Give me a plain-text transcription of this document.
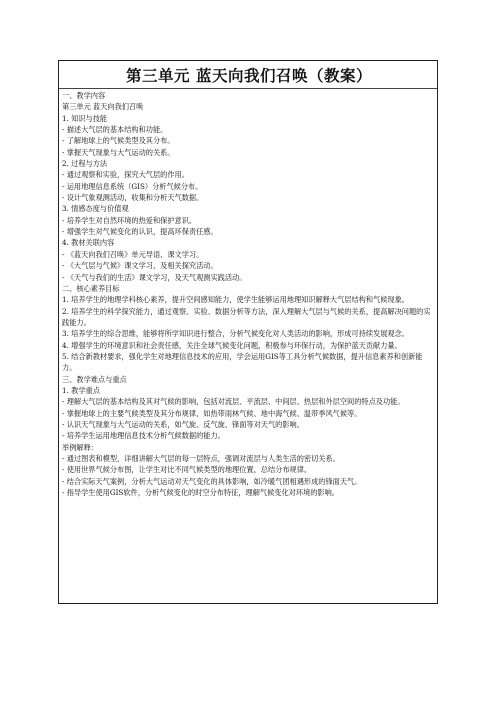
第三单元 蓝天向我们召唤（教案）
一、教学内容
第三单元 蓝天向我们召唤
1. 知识与技能
- 描述大气层的基本结构和功能。
- 了解地球上的气候类型及其分布。
- 掌握天气现象与大气运动的关系。
2. 过程与方法
- 通过观察和实验，探究大气层的作用。
- 运用地理信息系统（GIS）分析气候分布。
- 设计气象观测活动，收集和分析天气数据。
3. 情感态度与价值观
- 培养学生对自然环境的热爱和保护意识。
- 增强学生对气候变化的认识，提高环保责任感。
4. 教材关联内容
- 《蓝天向我们召唤》单元导语、课文学习。
- 《大气层与气候》课文学习，及相关探究活动。
- 《天气与我们的生活》课文学习，及天气观测实践活动。
二、核心素养目标
1. 培养学生的地理学科核心素养，提升空间感知能力，使学生能够运用地理知识解释大气层结构和气候现象。
2. 培养学生的科学探究能力，通过观察、实验、数据分析等方法，深入理解大气层与气候的关系，提高解决问题的实践能力。
3. 培养学生的综合思维，能够将所学知识进行整合，分析气候变化对人类活动的影响，形成可持续发展观念。
4. 增强学生的环境意识和社会责任感，关注全球气候变化问题，积极参与环保行动，为保护蓝天贡献力量。
5. 结合新教材要求，强化学生对地理信息技术的应用，学会运用GIS等工具分析气候数据，提升信息素养和创新能力。
三、教学难点与重点
1. 教学重点
- 理解大气层的基本结构及其对气候的影响，包括对流层、平流层、中间层、热层和外层空间的特点及功能。
- 掌握地球上的主要气候类型及其分布规律，如热带雨林气候、地中海气候、温带季风气候等。
- 认识天气现象与大气运动的关系，如气旋、反气旋、锋面等对天气的影响。
- 培养学生运用地理信息技术分析气候数据的能力。
举例解释：
- 通过图表和模型，详细讲解大气层的每一层特点，强调对流层与人类生活的密切关系。
- 使用世界气候分布图，让学生对比不同气候类型的地理位置，总结分布规律。
- 结合实际天气案例，分析大气运动对天气变化的具体影响，如冷暖气团相遇形成的锋面天气。
- 指导学生使用GIS软件，分析气候变化的时空分布特征，理解气候变化对环境的影响。
